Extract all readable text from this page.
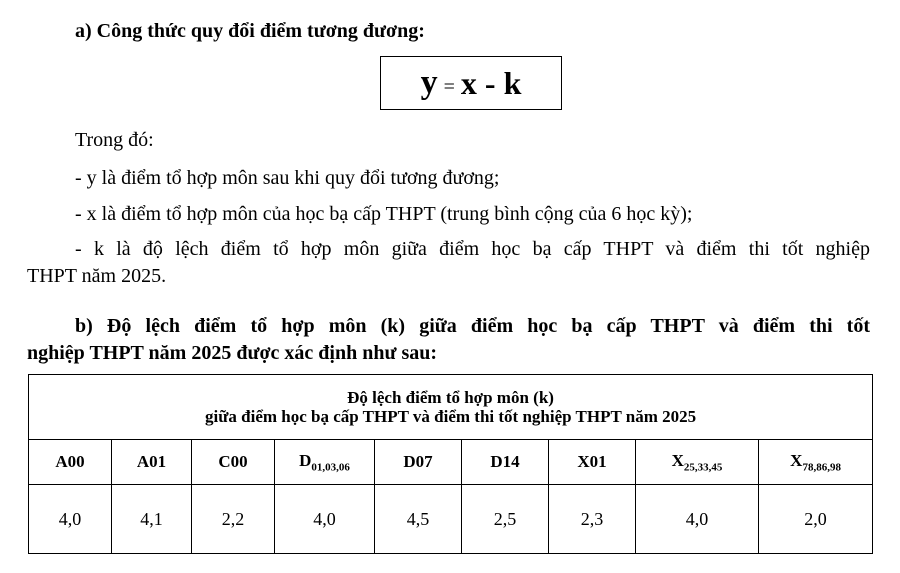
a) Công thức quy đổi điểm tương đương:
y = x - k
Trong đó:
- y là điểm tổ hợp môn sau khi quy đổi tương đương;
- x là điểm tổ hợp môn của học bạ cấp THPT (trung bình cộng của 6 học kỳ);
- k là độ lệch điểm tổ hợp môn giữa điểm học bạ cấp THPT và điểm thi tốt nghiệp
THPT năm 2025.
b) Độ lệch điểm tổ hợp môn (k) giữa điểm học bạ cấp THPT và điểm thi tốt
nghiệp THPT năm 2025 được xác định như sau:
Độ lệch điểm tổ hợp môn (k)
giữa điểm học bạ cấp THPT và điểm thi tốt nghiệp THPT năm 2025								

A00	A01	C00	$D_{01,03,06}$	D07	D14	X01	$X_{25,33,45}$	$X_{78,86,98}$
4,0	4,1	2,2	4,0	4,5	2,5	2,3	4,0	2,0
